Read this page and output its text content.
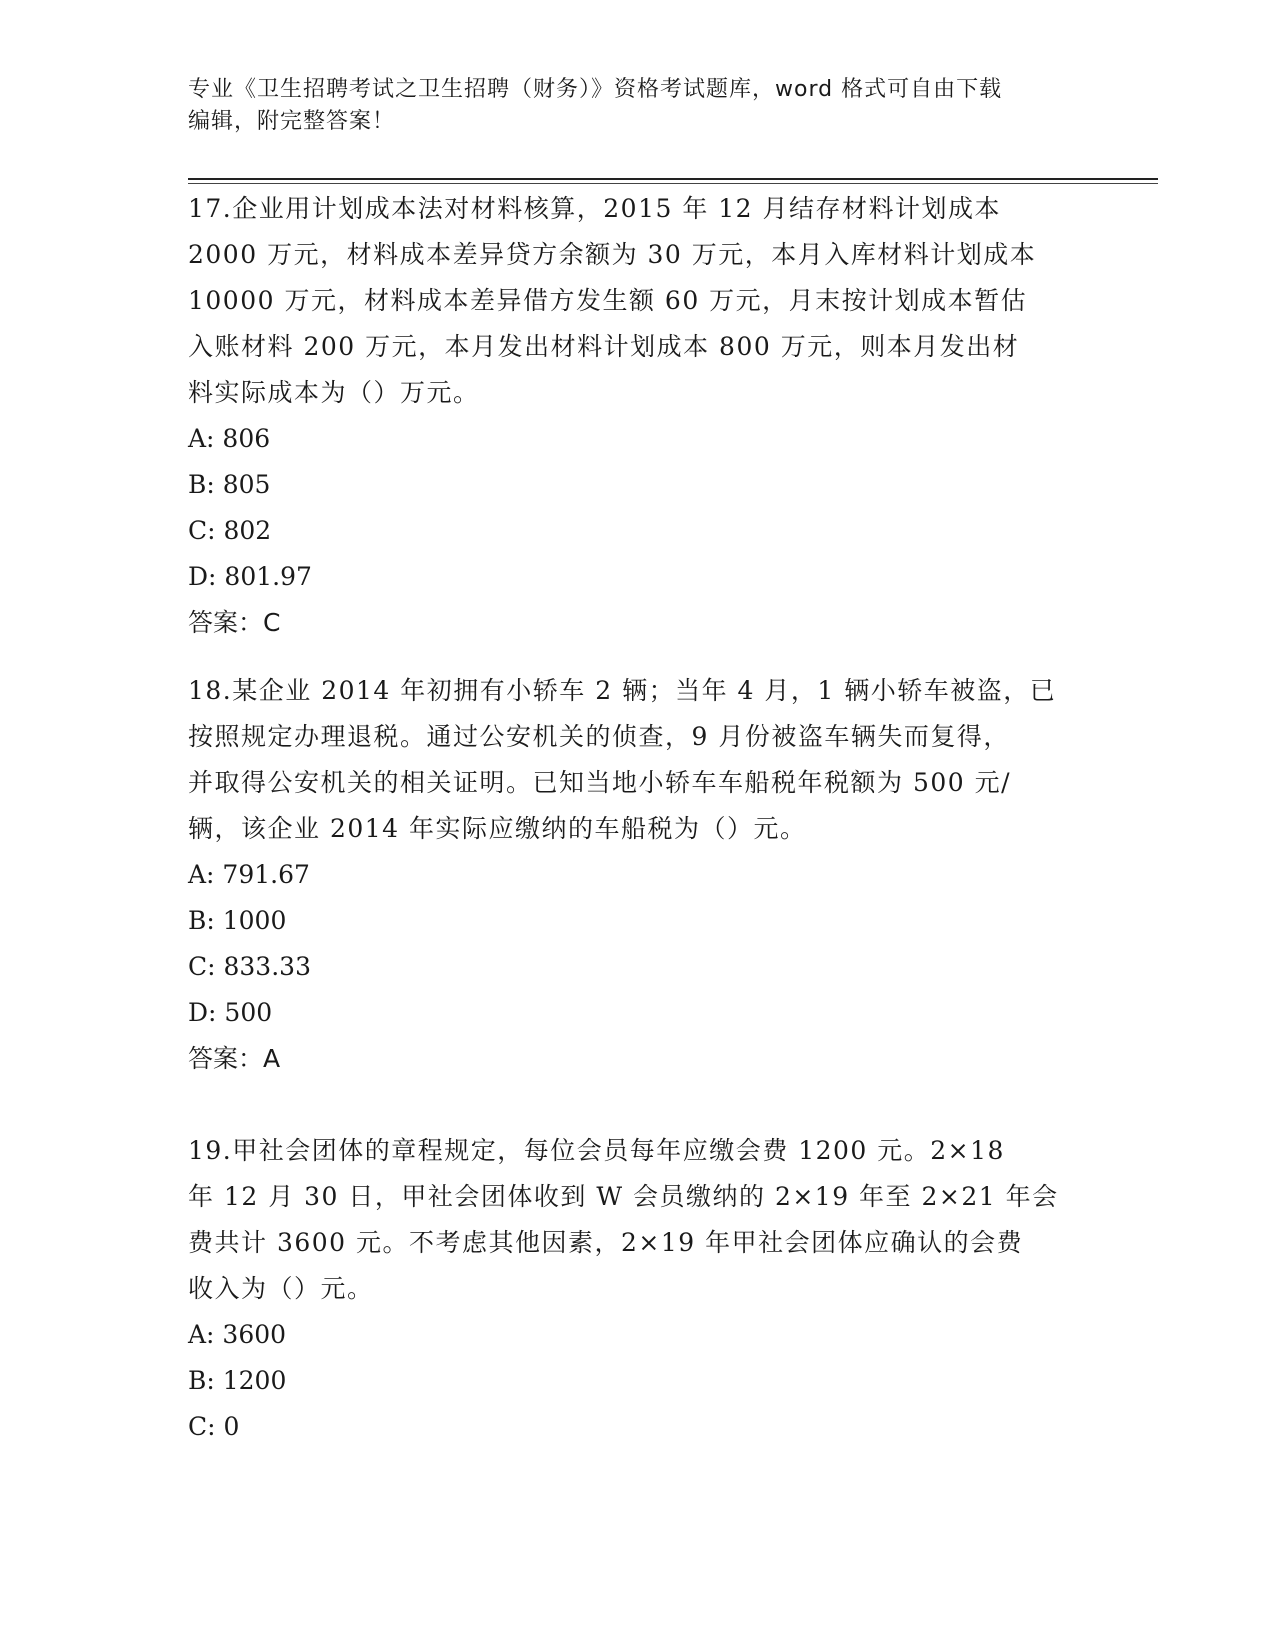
专业《卫生招聘考试之卫生招聘（财务）》资格考试题库，word 格式可自由下载
编辑，附完整答案！
17.企业用计划成本法对材料核算，2015 年 12 月结存材料计划成本
2000 万元，材料成本差异贷方余额为 30 万元，本月入库材料计划成本
10000 万元，材料成本差异借方发生额 60 万元，月末按计划成本暂估
入账材料 200 万元，本月发出材料计划成本 800 万元，则本月发出材
料实际成本为（）万元。
A: 806
B: 805
C: 802
D: 801.97
答案：C
18.某企业 2014 年初拥有小轿车 2 辆；当年 4 月，1 辆小轿车被盗，已
按照规定办理退税。通过公安机关的侦查，9 月份被盗车辆失而复得，
并取得公安机关的相关证明。已知当地小轿车车船税年税额为 500 元/
辆，该企业 2014 年实际应缴纳的车船税为（）元。
A: 791.67
B: 1000
C: 833.33
D: 500
答案：A
19.甲社会团体的章程规定，每位会员每年应缴会费 1200 元。2×18
年 12 月 30 日，甲社会团体收到 W 会员缴纳的 2×19 年至 2×21 年会
费共计 3600 元。不考虑其他因素，2×19 年甲社会团体应确认的会费
收入为（）元。
A: 3600
B: 1200
C: 0
